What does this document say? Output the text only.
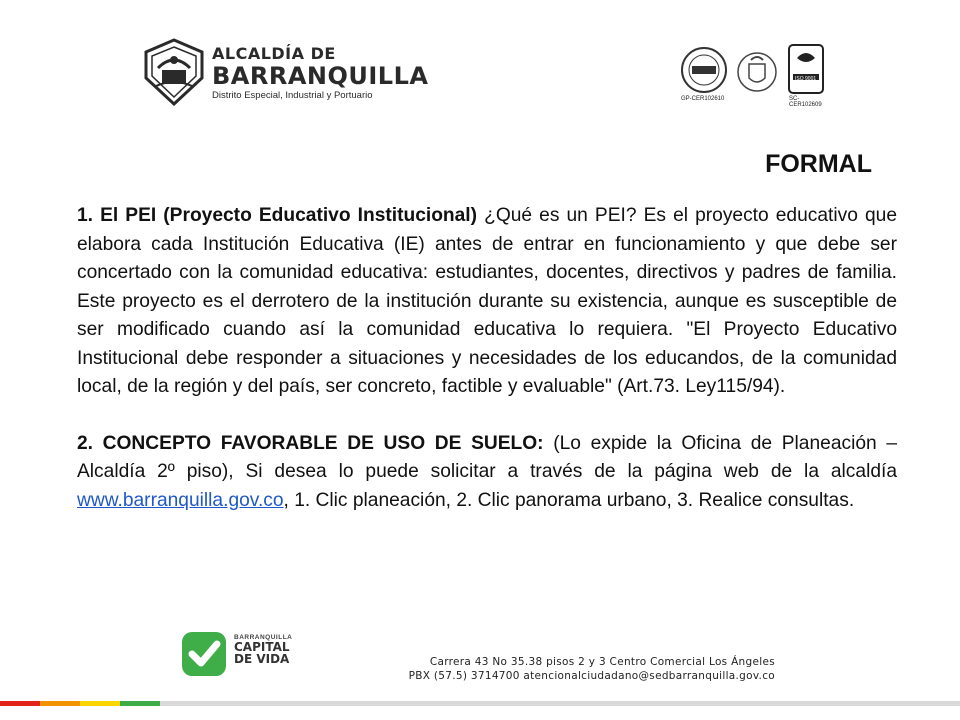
ALCALDÍA DE
BARRANQUILLA
Distrito Especial, Industrial y Portuario	GP-CER102610
ISO 9001
SC-CER102609
FORMAL

1. El PEI (Proyecto Educativo Institucional) ¿Qué es un PEI? Es el proyecto educativo que elabora cada Institución Educativa (IE) antes de entrar en funcionamiento y que debe ser concertado con la comunidad educativa: estudiantes, docentes, directivos y padres de familia. Este proyecto es el derrotero de la institución durante su existencia, aunque es susceptible de ser modificado cuando así la comunidad educativa lo requiera. "El Proyecto Educativo Institucional debe responder a situaciones y necesidades de los educandos, de la comunidad local, de la región y del país, ser concreto, factible y evaluable" (Art.73. Ley115/94).

2. CONCEPTO FAVORABLE DE USO DE SUELO: (Lo expide la Oficina de Planeación – Alcaldía 2º piso), Si desea lo puede solicitar a través de la página web de la alcaldía www.barranquilla.gov.co, 1. Clic planeación, 2. Clic panorama urbano, 3. Realice consultas.

BARRANQUILLA
CAPITAL
DE VIDA	Carrera 43 No 35.38 pisos 2 y 3 Centro Comercial Los Ángeles
PBX (57.5) 3714700 atencionalciudadano@sedbarranquilla.gov.co
